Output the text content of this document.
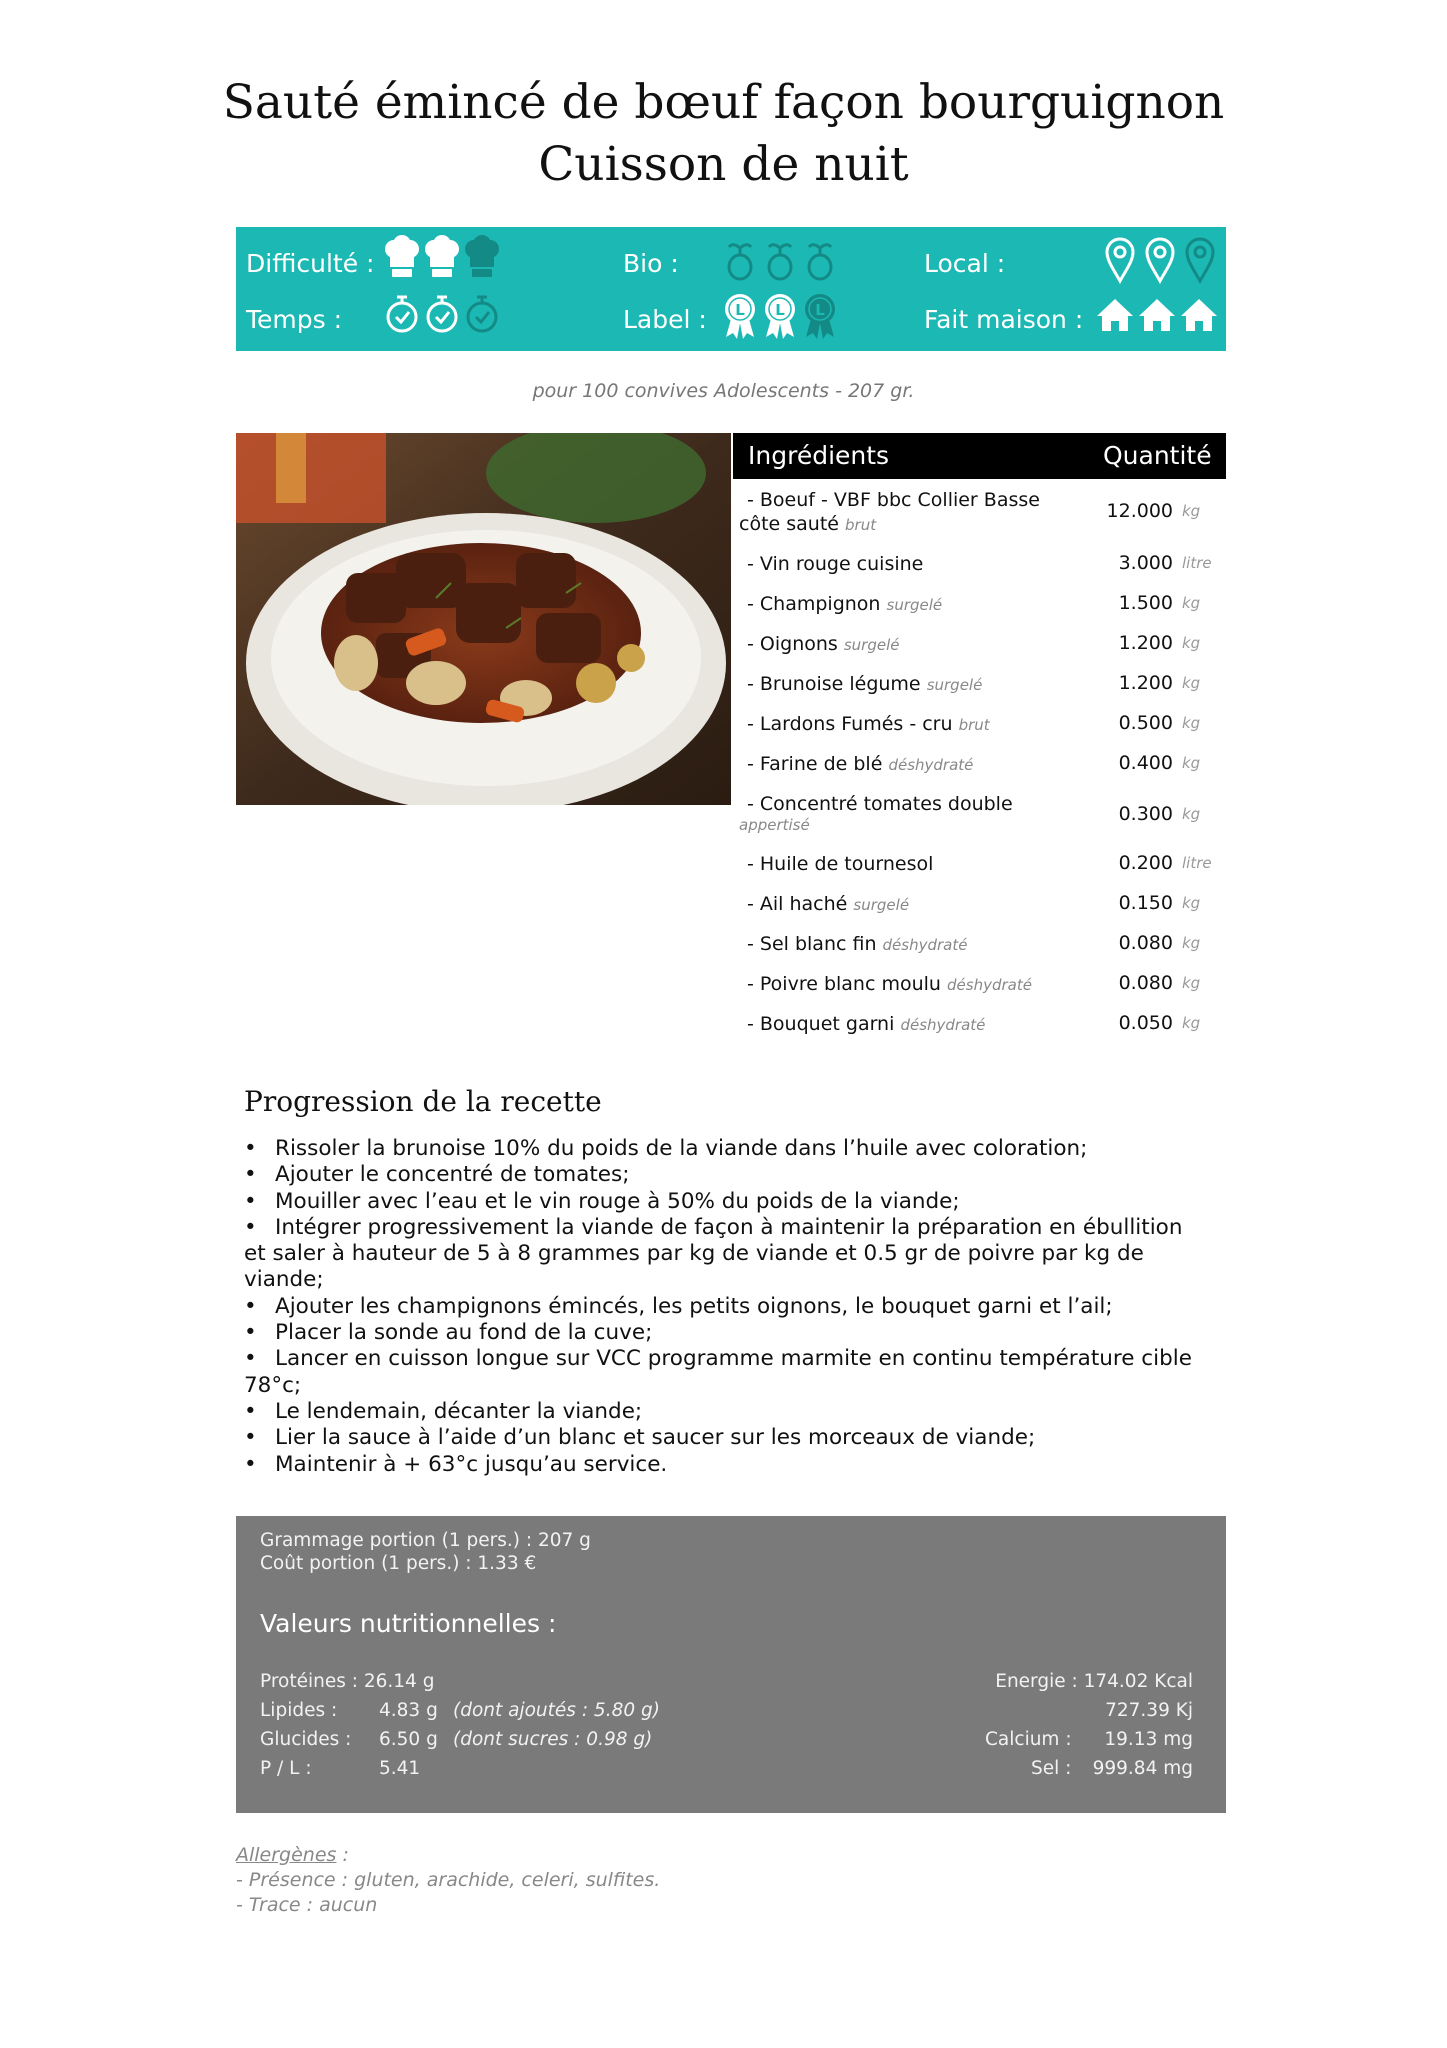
Sauté émincé de bœuf façon bourguignon
Cuisson de nuit
Difficulté :
Temps :
Bio :
Label :
Local :
Fait maison :
L L L
pour 100 convives Adolescents - 207 gr.
Ingrédients	Quantité
- Boeuf - VBF bbc Collier Basse
côte sauté brut
12.000 kg
- Vin rouge cuisine	3.000 litre
- Champignon surgelé	1.500 kg
- Oignons surgelé	1.200 kg
- Brunoise légume surgelé	1.200 kg
- Lardons Fumés - cru brut	0.500 kg
- Farine de blé déshydraté	0.400 kg
- Concentré tomates double
appertisé	0.300 kg
- Huile de tournesol	0.200 litre
- Ail haché surgelé	0.150 kg
- Sel blanc fin déshydraté	0.080 kg
- Poivre blanc moulu déshydraté	0.080 kg
- Bouquet garni déshydraté	0.050 kg
Progression de la recette
• Rissoler la brunoise 10% du poids de la viande dans l’huile avec coloration;
• Ajouter le concentré de tomates;
• Mouiller avec l’eau et le vin rouge à 50% du poids de la viande;
• Intégrer progressivement la viande de façon à maintenir la préparation en ébullition et saler à hauteur de 5 à 8 grammes par kg de viande et 0.5 gr de poivre par kg de viande;
• Ajouter les champignons émincés, les petits oignons, le bouquet garni et l’ail;
• Placer la sonde au fond de la cuve;
• Lancer en cuisson longue sur VCC programme marmite en continu température cible 78°c;
• Le lendemain, décanter la viande;
• Lier la sauce à l’aide d’un blanc et saucer sur les morceaux de viande;
• Maintenir à + 63°c jusqu’au service.
Grammage portion (1 pers.) : 207 g
Coût portion (1 pers.) : 1.33 €
Valeurs nutritionnelles :
Protéines : 26.14 g
Lipides : 4.83 g (dont ajoutés : 5.80 g)
Glucides : 6.50 g (dont sucres : 0.98 g)
P / L :	5.41
Energie : 174.02 Kcal
727.39 Kj
Calcium : 19.13 mg
Sel : 999.84 mg
Allergènes :
- Présence : gluten, arachide, celeri, sulfites.
- Trace : aucun
